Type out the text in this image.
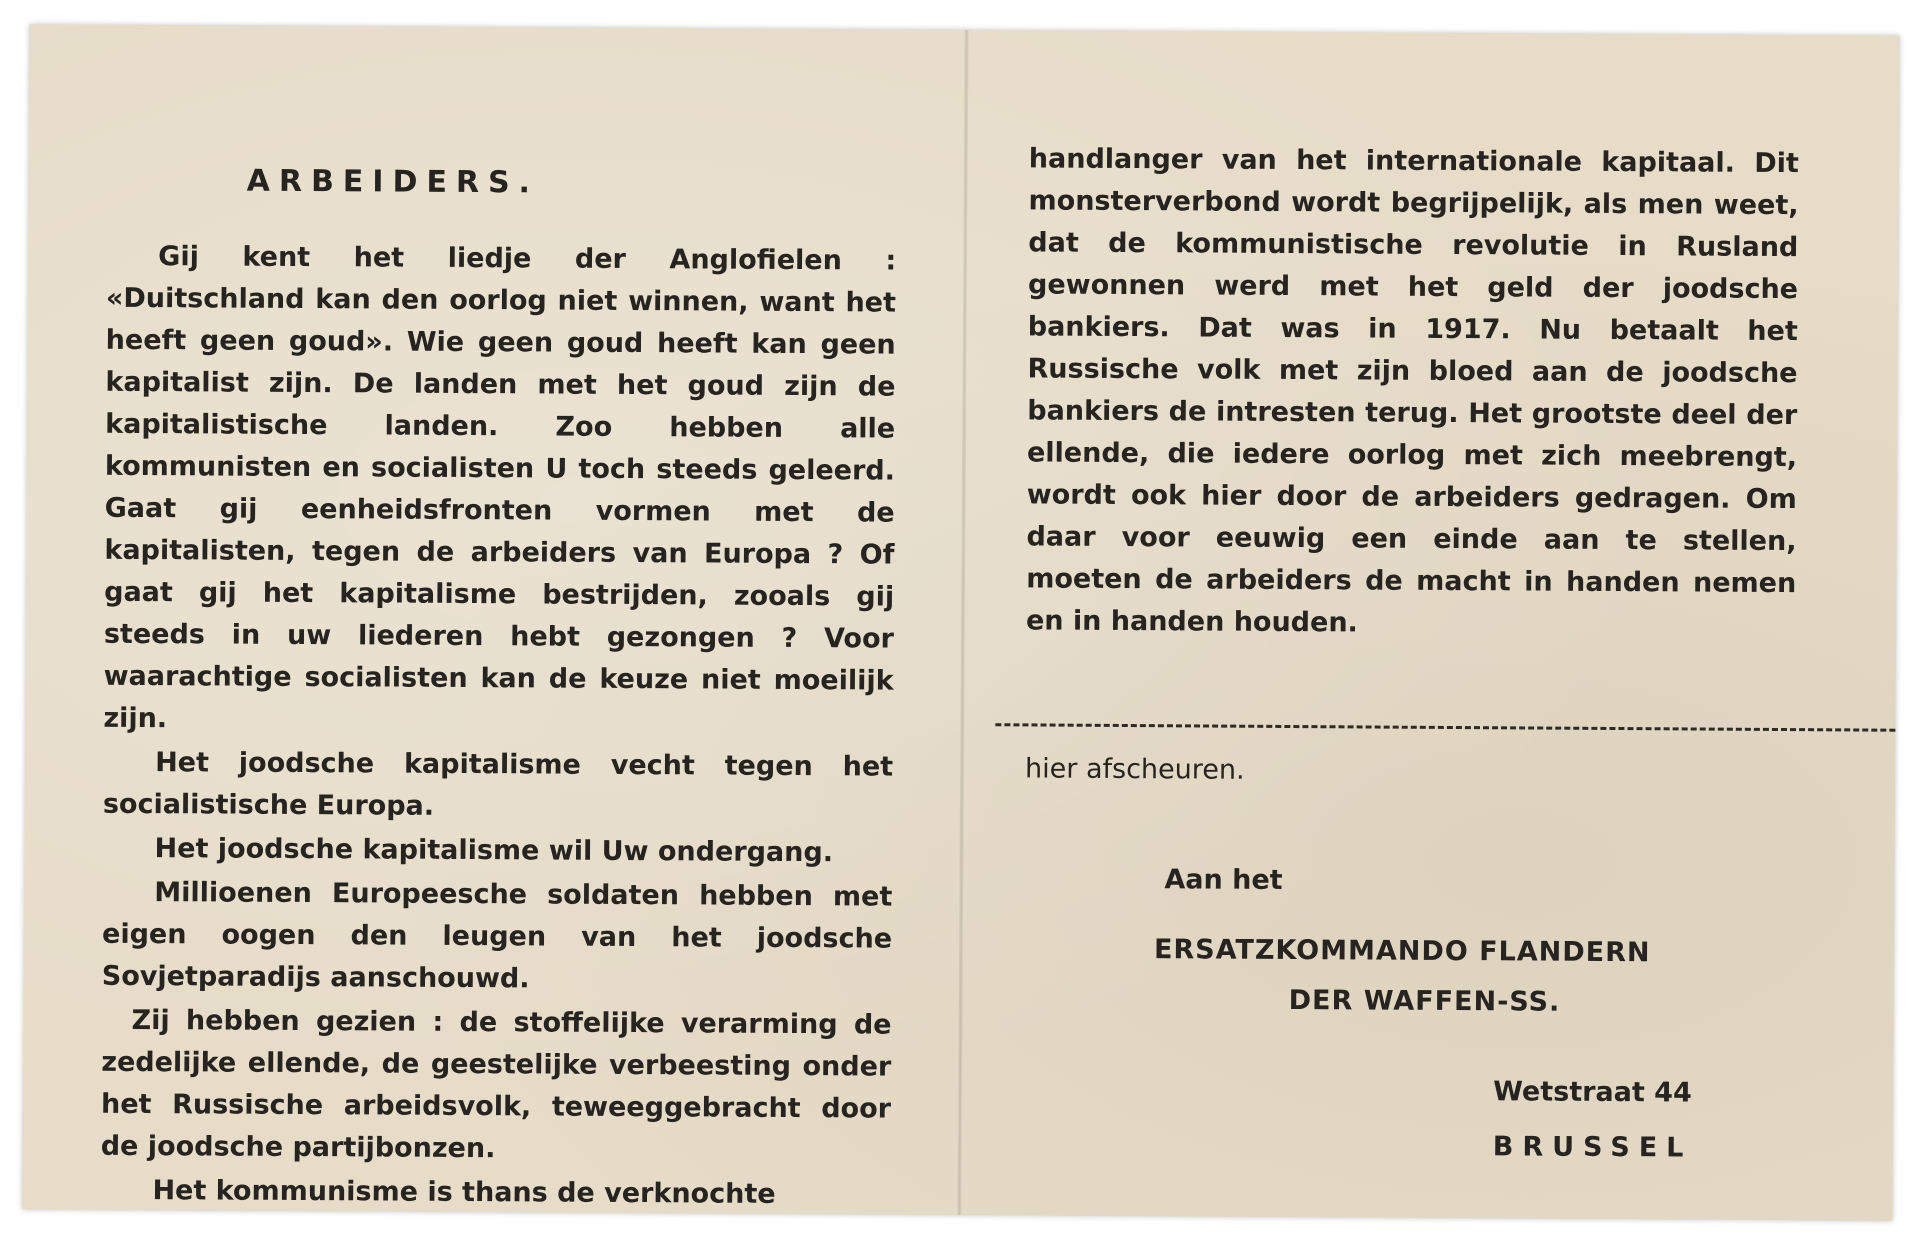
ARBEIDERS.

Gij kent het liedje der Anglofielen : «Duitschland kan den oorlog niet winnen, want het heeft geen goud». Wie geen goud heeft kan geen kapitalist zijn. De landen met het goud zijn de kapitalistische landen. Zoo hebben alle kommunisten en socialisten U toch steeds geleerd. Gaat gij eenheidsfronten vormen met de kapitalisten, tegen de arbeiders van Europa ? Of gaat gij het kapitalisme bestrijden, zooals gij steeds in uw liederen hebt gezongen ? Voor waarachtige socialisten kan de keuze niet moeilijk zijn.

Het joodsche kapitalisme vecht tegen het socialistische Europa.

Het joodsche kapitalisme wil Uw ondergang.

Millioenen Europeesche soldaten hebben met eigen oogen den leugen van het joodsche Sovjetparadijs aanschouwd.

Zij hebben gezien : de stoffelijke verarming de zedelijke ellende, de geestelijke verbeesting onder het Russische arbeidsvolk, teweeggebracht door de joodsche partijbonzen.

Het kommunisme is thans de verknochte

handlanger van het internationale kapitaal. Dit monsterverbond wordt begrijpelijk, als men weet, dat de kommunistische revolutie in Rusland gewonnen werd met het geld der joodsche bankiers. Dat was in 1917. Nu betaalt het Russische volk met zijn bloed aan de joodsche bankiers de intresten terug. Het grootste deel der ellende, die iedere oorlog met zich meebrengt, wordt ook hier door de arbeiders gedragen. Om daar voor eeuwig een einde aan te stellen, moeten de arbeiders de macht in handen nemen en in handen houden.
hier afscheuren.
Aan het
ERSATZKOMMANDO FLANDERN
DER WAFFEN-SS.
Wetstraat 44
BRUSSEL
